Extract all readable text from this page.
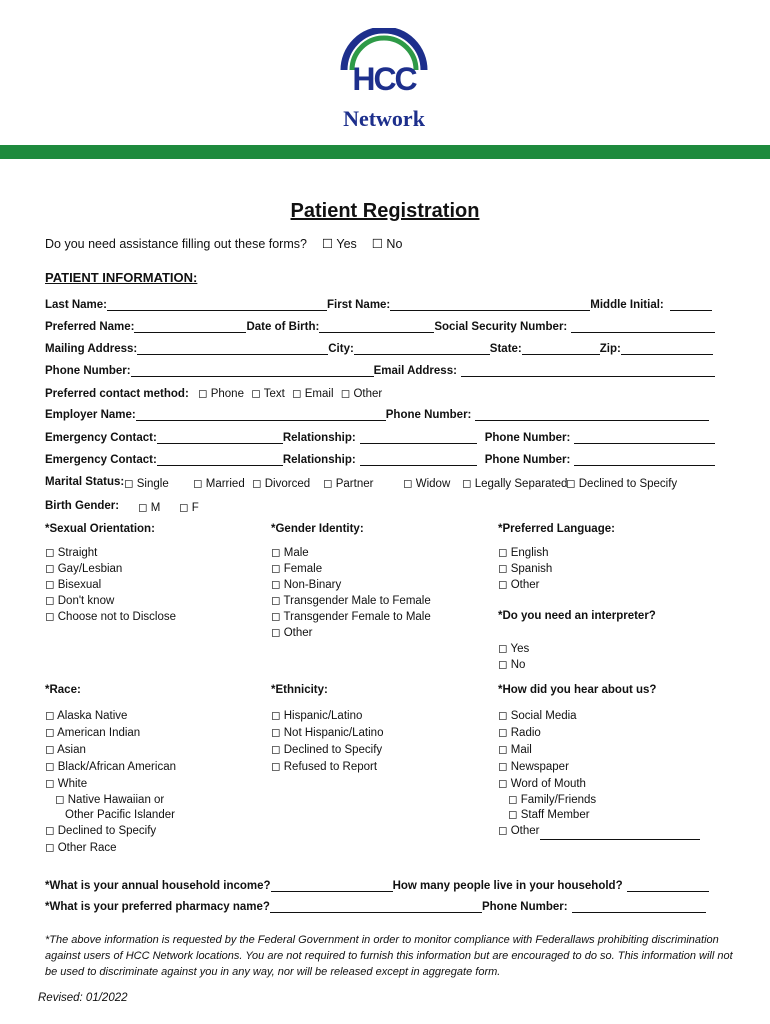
HCC
Network
Patient Registration
Do you need assistance filling out these forms? ☐ Yes ☐ No
PATIENT INFORMATION:
Last Name:	First Name:	Middle Initial:
Preferred Name:	Date of Birth:	Social Security Number:
Mailing Address:	City:	State:	Zip:
Phone Number:	Email Address:
Preferred contact method: ◻ Phone ◻ Text ◻ Email ◻ Other
Employer Name:	Phone Number:
Emergency Contact:	Relationship:	Phone Number:
Emergency Contact:	Relationship:	Phone Number:
Marital Status: ◻ Single ◻ Married ◻ Divorced ◻ Partner	◻ Widow ◻ Legally Separated
◻ Declined to Specify
Birth Gender: ◻ M ◻ F
*Sexual Orientation:	*Gender Identity:	*Preferred Language:
◻ Straight
◻ Gay/Lesbian
◻ Bisexual
◻ Don't know
◻ Choose not to Disclose
◻ Male
◻ Female
◻ Non-Binary
◻ Transgender Male to Female
◻ Transgender Female to Male
◻ Other
◻ English
◻ Spanish
◻ Other
*Do you need an interpreter?
◻ Yes
◻ No
*Race:	*Ethnicity:	*How did you hear about us?
◻ Alaska Native
◻ American Indian
◻ Asian
◻ Black/African American
◻ White
◻ Native Hawaiian or
Other Pacific Islander
◻ Declined to Specify
◻ Other Race
◻ Hispanic/Latino
◻ Not Hispanic/Latino
◻ Declined to Specify
◻ Refused to Report
◻ Social Media
◻ Radio
◻ Mail
◻ Newspaper
◻ Word of Mouth
◻ Family/Friends
◻ Staff Member
◻ Other
*What is your annual household income?	How many people live in your household?
*What is your preferred pharmacy name?	Phone Number:
*The above information is requested by the Federal Government in order to monitor compliance with Federallaws prohibiting discrimination against users of HCC Network locations. You are not required to furnish this information but are encouraged to do so. This information will not be used to discriminate against you in any way, nor will be released except in aggregate form.
Revised: 01/2022
